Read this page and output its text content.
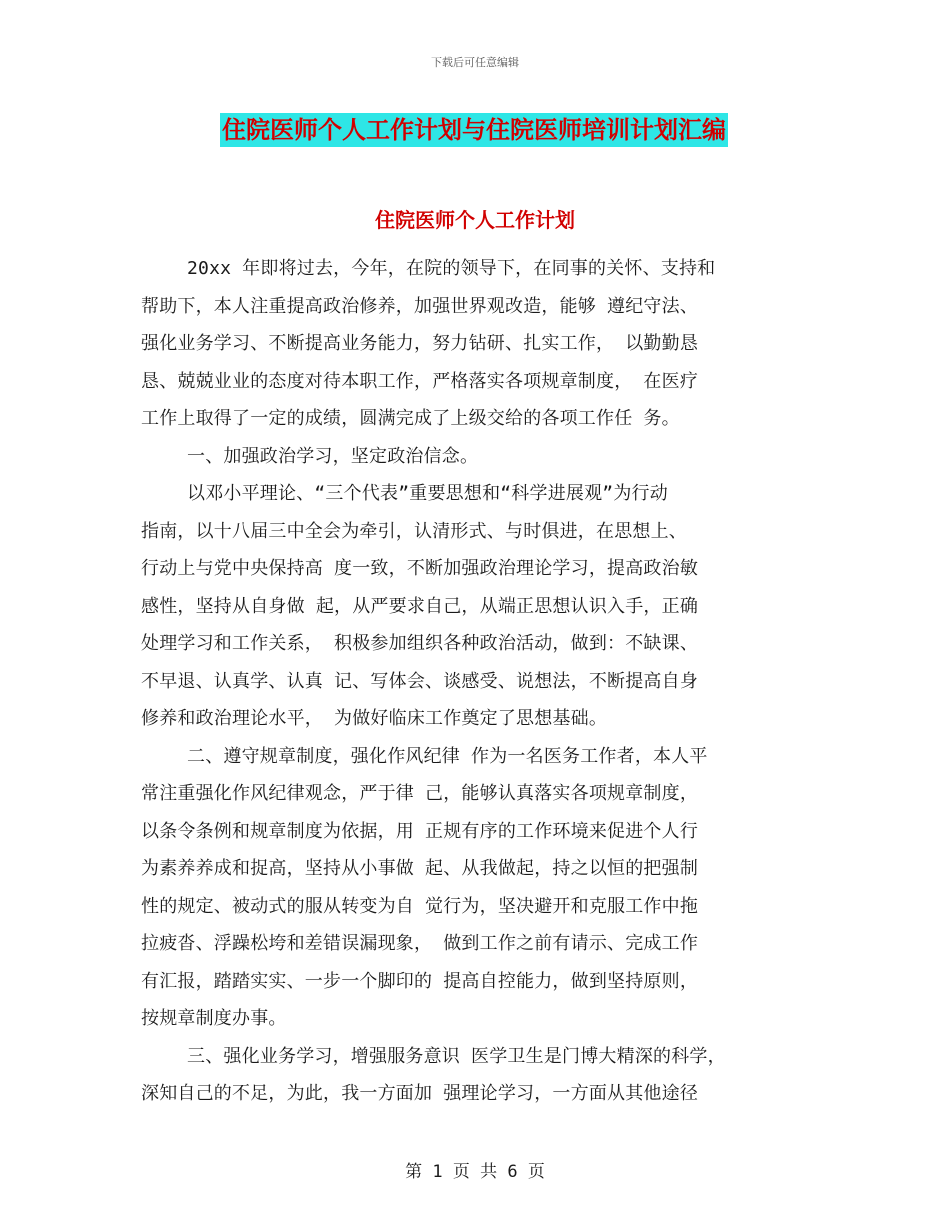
下载后可任意编辑
住院医师个人工作计划与住院医师培训计划汇编
住院医师个人工作计划
20xx 年即将过去，今年，在院的领导下，在同事的关怀、支持和
帮助下，本人注重提高政治修养，加强世界观改造，能够 遵纪守法、
强化业务学习、不断提高业务能力，努力钻研、扎实工作， 以勤勤恳
恳、兢兢业业的态度对待本职工作，严格落实各项规章制度， 在医疗
工作上取得了一定的成绩，圆满完成了上级交给的各项工作任 务。
一、加强政治学习，坚定政治信念。
以邓小平理论、“三个代表”重要思想和“科学进展观”为行动
指南，以十八届三中全会为牵引，认清形式、与时俱进，在思想上、
行动上与党中央保持高 度一致，不断加强政治理论学习，提高政治敏
感性，坚持从自身做 起，从严要求自己，从端正思想认识入手，正确
处理学习和工作关系， 积极参加组织各种政治活动，做到：不缺课、
不早退、认真学、认真 记、写体会、谈感受、说想法，不断提高自身
修养和政治理论水平， 为做好临床工作奠定了思想基础。
二、遵守规章制度，强化作风纪律 作为一名医务工作者，本人平
常注重强化作风纪律观念，严于律 己，能够认真落实各项规章制度，
以条令条例和规章制度为依据，用 正规有序的工作环境来促进个人行
为素养养成和捉高，坚持从小事做 起、从我做起，持之以恒的把强制
性的规定、被动式的服从转变为自 觉行为，坚决避开和克服工作中拖
拉疲沓、浮躁松垮和差错误漏现象， 做到工作之前有请示、完成工作
有汇报，踏踏实实、一步一个脚印的 提高自控能力，做到坚持原则，
按规章制度办事。
三、强化业务学习，增强服务意识 医学卫生是门博大精深的科学，
深知自己的不足，为此，我一方面加 强理论学习，一方面从其他途径
第 1 页 共 6 页
